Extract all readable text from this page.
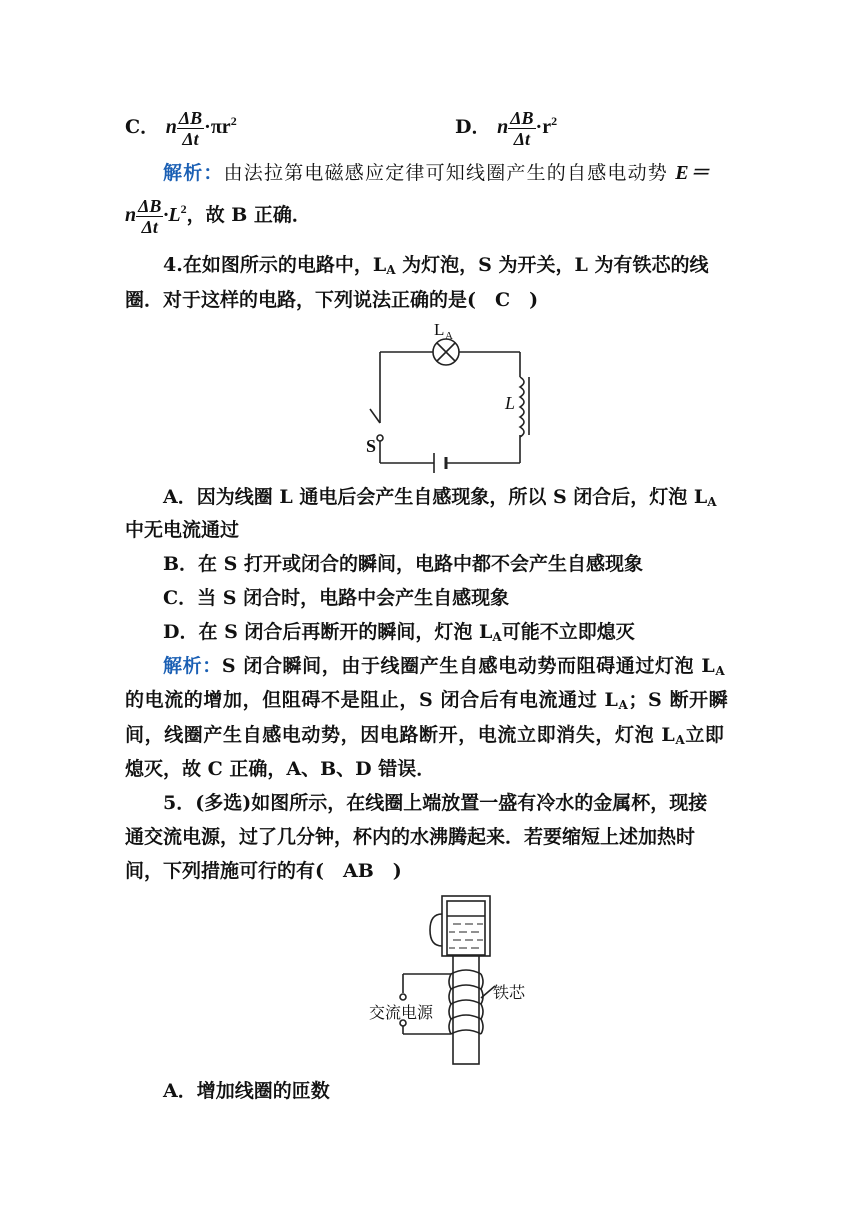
C． n $\frac{\Delta B}{\Delta t} \cdot\pi r^2$	D． n $\frac{\Delta B}{\Delta t} \cdot r^2$
解析：由法拉第电磁感应定律可知线圈产生的自感电动势 E＝
n $\frac{\Delta B}{\Delta t} \cdot L^2$，故 B 正确．
4.在如图所示的电路中，$L_A$ 为灯泡，S 为开关，L 为有铁芯的线
圈．对于这样的电路，下列说法正确的是(　C　)
L A
L
S
A．因为线圈 L 通电后会产生自感现象，所以 S 闭合后，灯泡 $L_A$
中无电流通过
B．在 S 打开或闭合的瞬间，电路中都不会产生自感现象
C．当 S 闭合时，电路中会产生自感现象
D．在 S 闭合后再断开的瞬间，灯泡 $L_A$可能不立即熄灭
解析：S 闭合瞬间，由于线圈产生自感电动势而阻碍通过灯泡 $L_A$
的电流的增加，但阻碍不是阻止，S 闭合后有电流通过 $L_A$；S 断开瞬
间，线圈产生自感电动势，因电路断开，电流立即消失，灯泡 $L_A$立即
熄灭，故 C 正确，A、B、D 错误．
5．(多选)如图所示，在线圈上端放置一盛有冷水的金属杯，现接
通交流电源，过了几分钟，杯内的水沸腾起来．若要缩短上述加热时
间，下列措施可行的有(　AB　)
铁芯
交流电源
A．增加线圈的匝数
